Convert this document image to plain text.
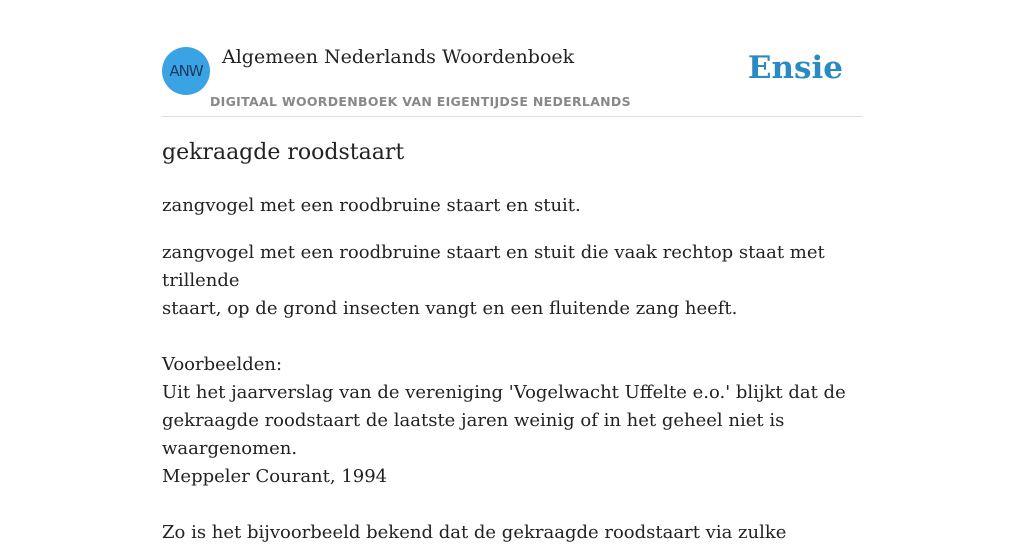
ANW
Algemeen Nederlands Woordenboek
DIGITAAL WOORDENBOEK VAN EIGENTIJDSE NEDERLANDS
Ensie
gekraagde roodstaart

zangvogel met een roodbruine staart en stuit.

zangvogel met een roodbruine staart en stuit die vaak rechtop staat met trillende

staart, op de grond insecten vangt en een fluitende zang heeft.

Voorbeelden:

Uit het jaarverslag van de vereniging 'Vogelwacht Uffelte e.o.' blijkt dat de

gekraagde roodstaart de laatste jaren weinig of in het geheel niet is

waargenomen.

Meppeler Courant, 1994

Zo is het bijvoorbeeld bekend dat de gekraagde roodstaart via zulke
